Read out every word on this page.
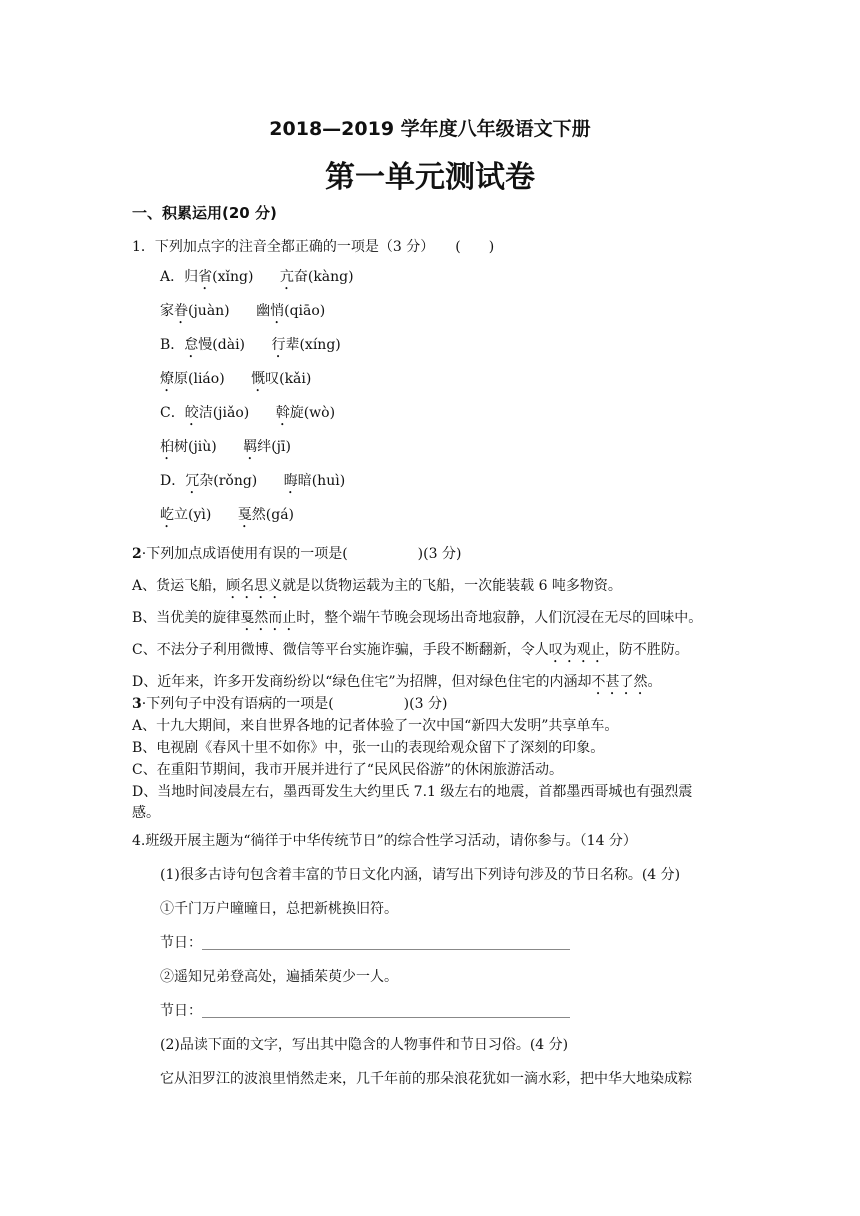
2018—2019 学年度八年级语文下册
第一单元测试卷
一、积累运用(20 分)
1．下列加点字的注音全都正确的一项是（3 分）　　(　　)
A．归省(xǐng) 亢奋(kàng)
家眷(juàn) 幽悄(qiāo)
B．怠慢(dài) 行辈(xíng)
燎原(liáo) 慨叹(kǎi)
C．皎洁(jiǎo) 斡旋(wò)
桕树(jiù) 羁绊(jī)
D．冗杂(rǒng) 晦暗(huì)
屹立(yì) 戛然(gá)
2·下列加点成语使用有误的一项是(　　　　　)(3 分)
A、货运飞船，顾名思义就是以货物运载为主的飞船，一次能装载 6 吨多物资。
B、当优美的旋律戛然而止时，整个端午节晚会现场出奇地寂静，人们沉浸在无尽的回味中。
C、不法分子利用微博、微信等平台实施诈骗，手段不断翻新，令人叹为观止，防不胜防。
D、近年来，许多开发商纷纷以“绿色住宅”为招牌，但对绿色住宅的内涵却不甚了然。
3·下列句子中没有语病的一项是(　　　　　)(3 分)
A、十九大期间，来自世界各地的记者体验了一次中国“新四大发明”共享单车。
B、电视剧《春风十里不如你》中，张一山的表现给观众留下了深刻的印象。
C、在重阳节期间，我市开展并进行了“民风民俗游”的休闲旅游活动。
D、当地时间凌晨左右，墨西哥发生大约里氏 7.1 级左右的地震，首都墨西哥城也有强烈震
感。
4.班级开展主题为“徜徉于中华传统节日”的综合性学习活动，请你参与。（14 分）
(1)很多古诗句包含着丰富的节日文化内涵，请写出下列诗句涉及的节日名称。(4 分)
①千门万户曈曈日，总把新桃换旧符。
节日：
②遥知兄弟登高处，遍插茱萸少一人。
节日：
(2)品读下面的文字，写出其中隐含的人物事件和节日习俗。(4 分)
它从汨罗江的波浪里悄然走来，几千年前的那朵浪花犹如一滴水彩，把中华大地染成粽
